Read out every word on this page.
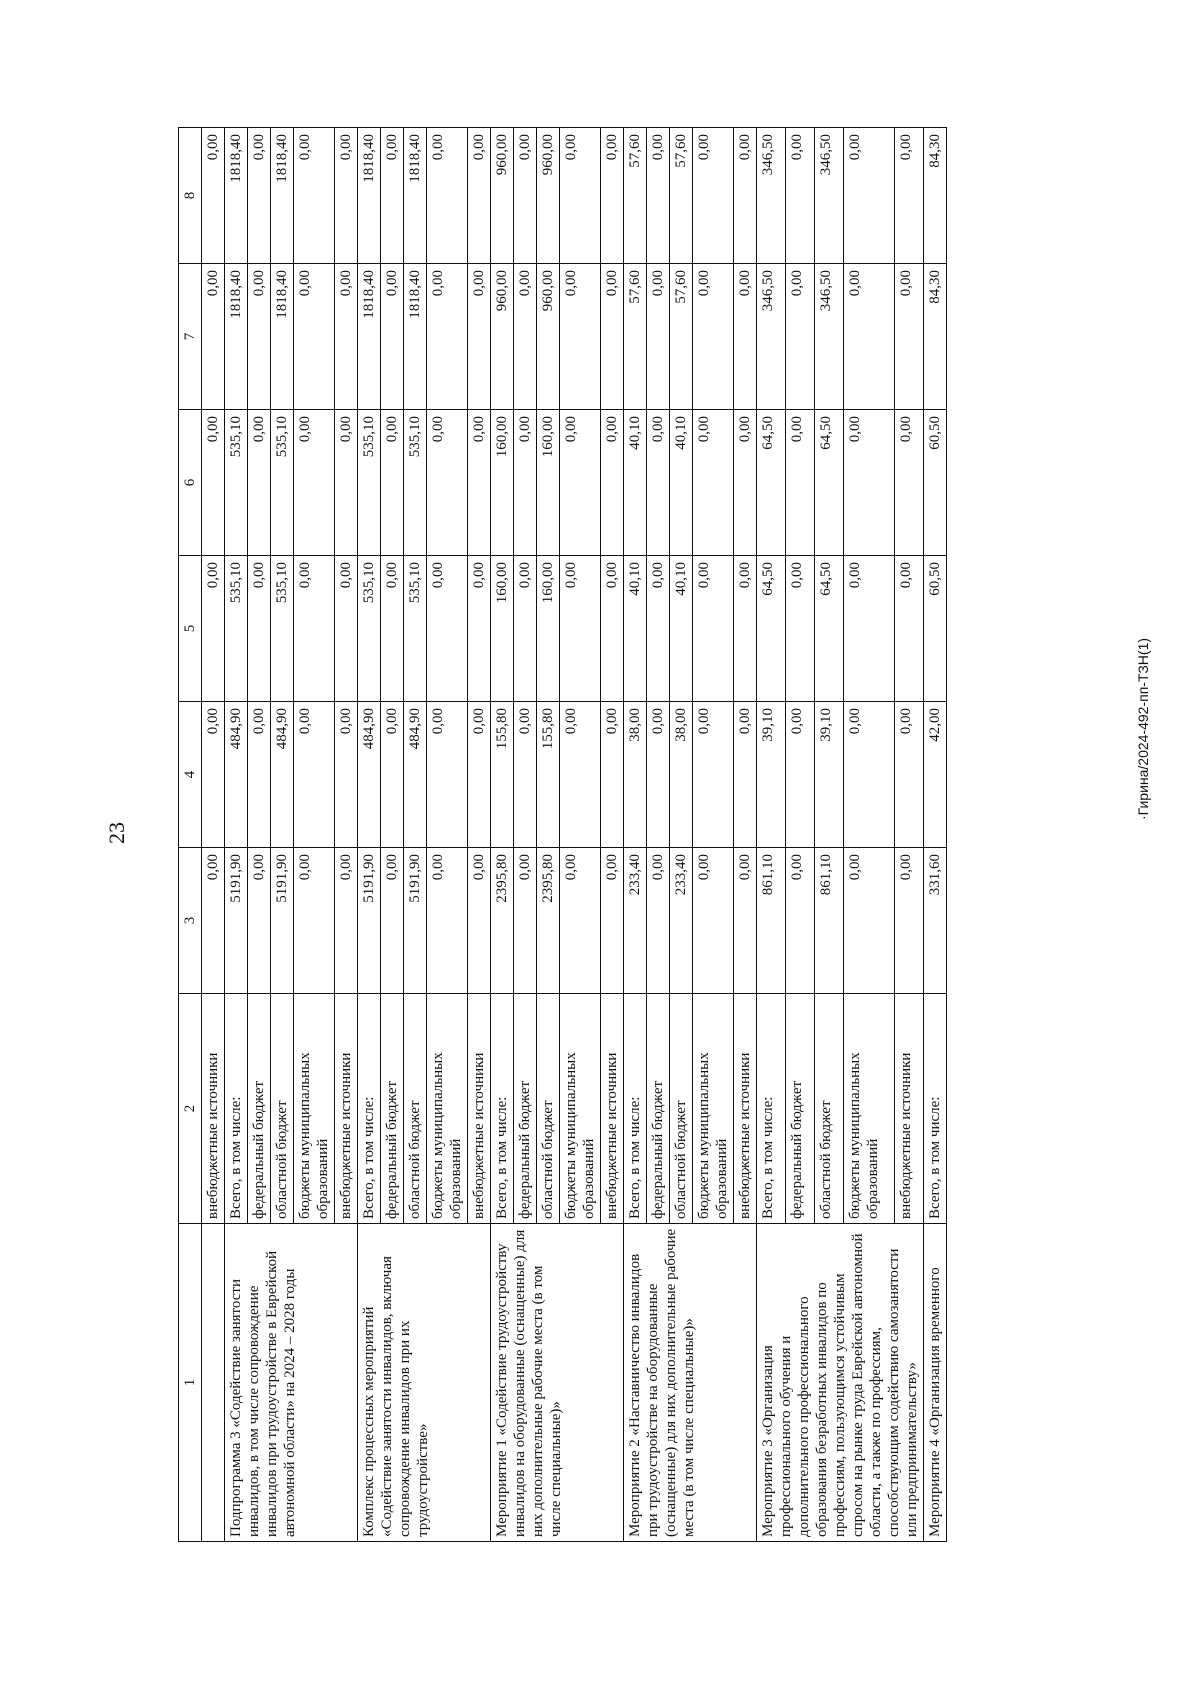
23
·Гирина/2024-492-пп-ТЗН(1)
1	2	3	4	5	6	7	8
	внебюджетные источники	0,00	0,00	0,00	0,00	0,00	0,00
Подпрограмма 3 «Содействие занятости инвалидов, в том числе сопровождение инвалидов при трудоустройстве в Еврейской автономной области» на 2024 – 2028 годы	Всего, в том числе:	5191,90	484,90	535,10	535,10	1818,40	1818,40
	федеральный бюджет	0,00	0,00	0,00	0,00	0,00	0,00
	областной бюджет	5191,90	484,90	535,10	535,10	1818,40	1818,40
	бюджеты муниципальных образований	0,00	0,00	0,00	0,00	0,00	0,00
	внебюджетные источники	0,00	0,00	0,00	0,00	0,00	0,00
Комплекс процессных мероприятий «Содействие занятости инвалидов, включая сопровождение инвалидов при их трудоустройстве»	Всего, в том числе:	5191,90	484,90	535,10	535,10	1818,40	1818,40
	федеральный бюджет	0,00	0,00	0,00	0,00	0,00	0,00
	областной бюджет	5191,90	484,90	535,10	535,10	1818,40	1818,40
	бюджеты муниципальных образований	0,00	0,00	0,00	0,00	0,00	0,00
	внебюджетные источники	0,00	0,00	0,00	0,00	0,00	0,00
Мероприятие 1 «Содействие трудоустройству инвалидов на оборудованные (оснащенные) для них дополнительные рабочие места (в том числе специальные)»	Всего, в том числе:	2395,80	155,80	160,00	160,00	960,00	960,00
	федеральный бюджет	0,00	0,00	0,00	0,00	0,00	0,00
	областной бюджет	2395,80	155,80	160,00	160,00	960,00	960,00
	бюджеты муниципальных образований	0,00	0,00	0,00	0,00	0,00	0,00
	внебюджетные источники	0,00	0,00	0,00	0,00	0,00	0,00
Мероприятие 2 «Наставничество инвалидов при трудоустройстве на оборудованные (оснащенные) для них дополнительные рабочие места (в том числе специальные)»	Всего, в том числе:	233,40	38,00	40,10	40,10	57,60	57,60
	федеральный бюджет	0,00	0,00	0,00	0,00	0,00	0,00
	областной бюджет	233,40	38,00	40,10	40,10	57,60	57,60
	бюджеты муниципальных образований	0,00	0,00	0,00	0,00	0,00	0,00
	внебюджетные источники	0,00	0,00	0,00	0,00	0,00	0,00
Мероприятие 3 «Организация профессионального обучения и дополнительного профессионального образования безработных инвалидов по профессиям, пользующимся устойчивым спросом на рынке труда Еврейской автономной области, а также по профессиям, способствующим содействию самозанятости или предпринимательству»	Всего, в том числе:	861,10	39,10	64,50	64,50	346,50	346,50
	федеральный бюджет	0,00	0,00	0,00	0,00	0,00	0,00
	областной бюджет	861,10	39,10	64,50	64,50	346,50	346,50
	бюджеты муниципальных образований	0,00	0,00	0,00	0,00	0,00	0,00
	внебюджетные источники	0,00	0,00	0,00	0,00	0,00	0,00
Мероприятие 4 «Организация временного	Всего, в том числе:	331,60	42,00	60,50	60,50	84,30	84,30
